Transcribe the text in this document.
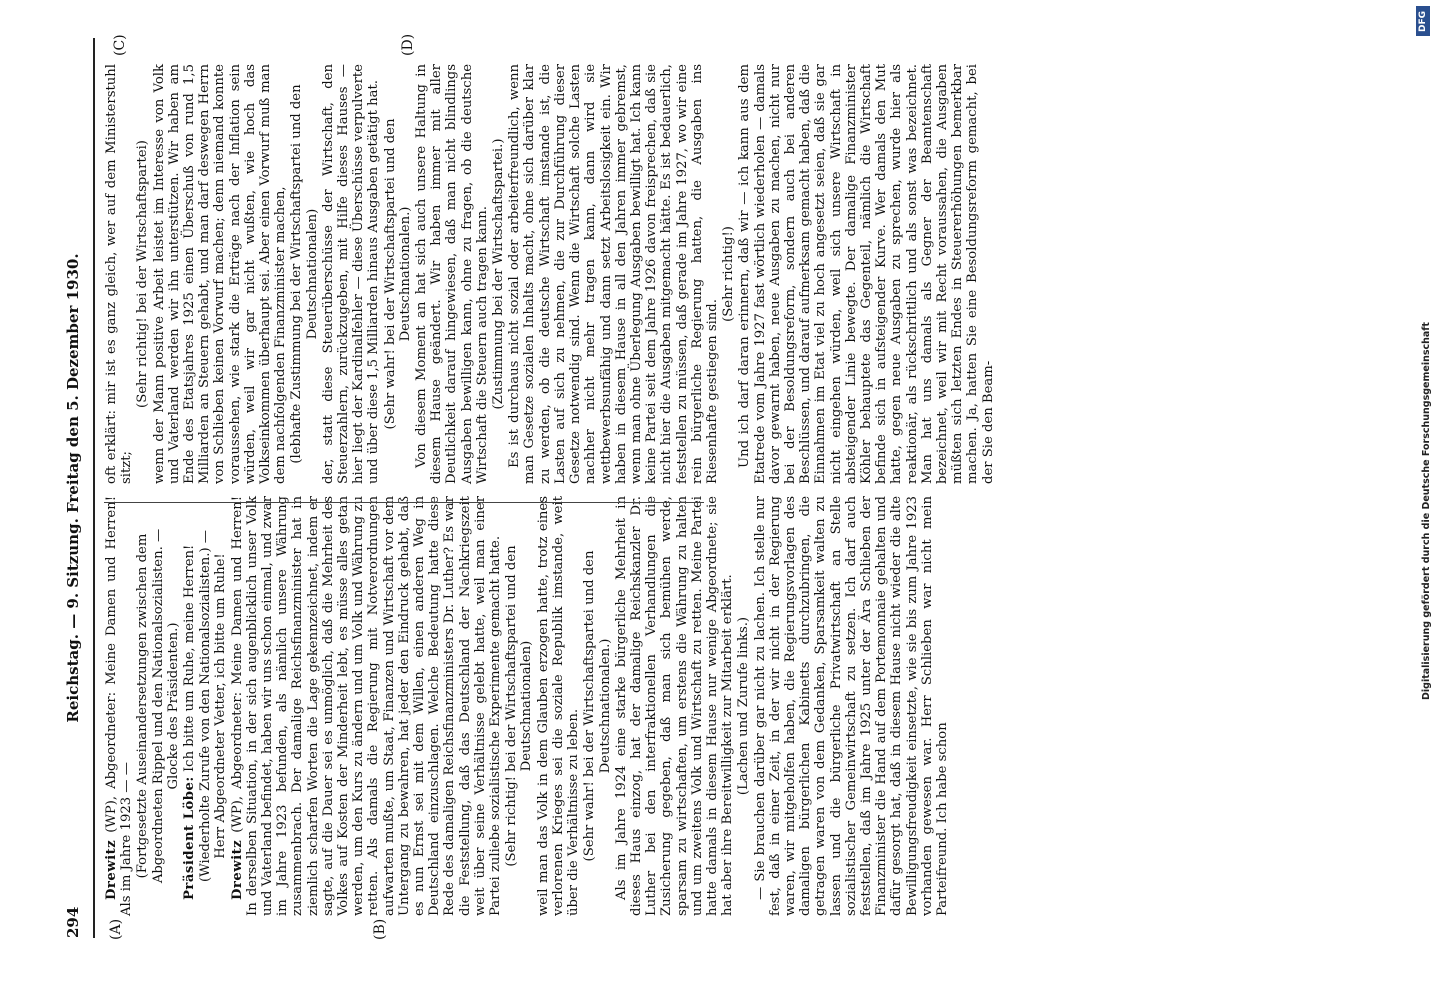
294
Reichstag. — 9. Sitzung. Freitag den 5. Dezember 1930.
(A)	(B)
(C)	(D)

Drewitz (WP), Abgeordneter: Meine Damen und Herren! Als im Jahre 1923 — — (Fortgesetzte Auseinandersetzungen zwischen dem Abgeordneten Rippel und den Nationalsozialisten. — Glocke des Präsidenten.)

Präsident Löbe: Ich bitte um Ruhe, meine Herren! (Wiederholte Zurufe von den Nationalsozialisten.) — Herr Abgeordneter Vetter, ich bitte um Ruhe!

Drewitz (WP), Abgeordneter: Meine Damen und Herren! In derselben Situation, in der sich augenblicklich unser Volk und Vaterland befindet, haben wir uns schon einmal, und zwar im Jahre 1923 befunden, als nämlich unsere Währung zusammenbrach. Der damalige Reichsfinanzminister hat in ziemlich scharfen Worten die Lage gekennzeichnet, indem er sagte, auf die Dauer sei es unmöglich, daß die Mehrheit des Volkes auf Kosten der Minderheit lebt, es müsse alles getan werden, um den Kurs zu ändern und um Volk und Währung zu retten. Als damals die Regierung mit Notverordnungen aufwarten mußte, um Staat, Finanzen und Wirtschaft vor dem Untergang zu bewahren, hat jeder den Eindruck gehabt, daß es nun Ernst sei mit dem Willen, einen anderen Weg in Deutschland einzuschlagen. Welche Bedeutung hatte diese Rede des damaligen Reichsfinanzministers Dr. Luther? Es war die Feststellung, daß das Deutschland der Nachkriegszeit weit über seine Verhältnisse gelebt hatte, weil man einer Partei zuliebe sozialistische Experimente gemacht hatte. (Sehr richtig! bei der Wirtschaftspartei und den Deutschnationalen) weil man das Volk in dem Glauben erzogen hatte, trotz eines verlorenen Krieges sei die soziale Republik imstande, weit über die Verhältnisse zu leben. (Sehr wahr! bei der Wirtschaftspartei und den Deutschnationalen.) Als im Jahre 1924 eine starke bürgerliche Mehrheit in dieses Haus einzog, hat der damalige Reichskanzler Dr. Luther bei den interfraktionellen Verhandlungen die Zusicherung gegeben, daß man sich bemühen werde, sparsam zu wirtschaften, um erstens die Währung zu halten und um zweitens Volk und Wirtschaft zu retten. Meine Partei hatte damals in diesem Hause nur wenige Abgeordnete; sie hat aber ihre Bereitwilligkeit zur Mitarbeit erklärt. (Lachen und Zurufe links.) — Sie brauchen darüber gar nicht zu lachen. Ich stelle nur fest, daß in einer Zeit, in der wir nicht in der Regierung waren, wir mitgeholfen haben, die Regierungsvorlagen des damaligen bürgerlichen Kabinetts durchzubringen, die getragen waren von dem Gedanken, Sparsamkeit walten zu lassen und die bürgerliche Privatwirtschaft an Stelle sozialistischer Gemeinwirtschaft zu setzen. Ich darf auch feststellen, daß im Jahre 1925 unter der Ära Schlieben der Finanzminister die Hand auf dem Portemonnaie gehalten und dafür gesorgt hat, daß in diesem Hause nicht wieder die alte Bewilligungsfreudigkeit einsetzte, wie sie bis zum Jahre 1923 vorhanden gewesen war. Herr Schlieben war nicht mein Parteifreund. Ich habe schon

oft erklärt: mir ist es ganz gleich, wer auf dem Ministerstuhl sitzt;

(Sehr richtig! bei der Wirtschaftspartei) wenn der Mann positive Arbeit leistet im Interesse von Volk und Vaterland werden wir ihn unterstützen. Wir haben am Ende des Etatsjahres 1925 einen Überschuß von rund 1,5 Milliarden an Steuern gehabt, und man darf deswegen Herrn von Schlieben keinen Vorwurf machen; denn niemand konnte voraussehen, wie stark die Erträge nach der Inflation sein würden, weil wir gar nicht wußten, wie hoch das Volkseinkommen überhaupt sei. Aber einen Vorwurf muß man dem nachfolgenden Finanzminister machen, (lebhafte Zustimmung bei der Wirtschaftspartei und den Deutschnationalen) der, statt diese Steuerüberschüsse der Wirtschaft, den Steuerzahlern, zurückzugeben, mit Hilfe dieses Hauses — hier liegt der Kardinalfehler — diese Überschüsse verpulverte und über diese 1,5 Milliarden hinaus Ausgaben getätigt hat. (Sehr wahr! bei der Wirtschaftspartei und den Deutschnationalen.) Von diesem Moment an hat sich auch unsere Haltung in diesem Hause geändert. Wir haben immer mit aller Deutlichkeit darauf hingewiesen, daß man nicht blindlings Ausgaben bewilligen kann, ohne zu fragen, ob die deutsche Wirtschaft die Steuern auch tragen kann. (Zustimmung bei der Wirtschaftspartei.) Es ist durchaus nicht sozial oder arbeiterfreundlich, wenn man Gesetze sozialen Inhalts macht, ohne sich darüber klar zu werden, ob die deutsche Wirtschaft imstande ist, die Lasten auf sich zu nehmen, die zur Durchführung dieser Gesetze notwendig sind. Wenn die Wirtschaft solche Lasten nachher nicht mehr tragen kann, dann wird sie wettbewerbsunfähig und dann setzt Arbeitslosigkeit ein. Wir haben in diesem Hause in all den Jahren immer gebremst, wenn man ohne Überlegung Ausgaben bewilligt hat. Ich kann keine Partei seit dem Jahre 1926 davon freisprechen, daß sie nicht hier die Ausgaben mitgemacht hätte. Es ist bedauerlich, feststellen zu müssen, daß gerade im Jahre 1927, wo wir eine rein bürgerliche Regierung hatten, die Ausgaben ins Riesenhafte gestiegen sind.

(Sehr richtig!) Und ich darf daran erinnern, daß wir — ich kann aus dem Etatrede vom Jahre 1927 fast wörtlich wiederholen — damals davor gewarnt haben, neue Ausgaben zu machen, nicht nur bei der Besoldungsreform, sondern auch bei anderen Beschlüssen, und darauf aufmerksam gemacht haben, daß die Einnahmen im Etat viel zu hoch angesetzt seien, daß sie gar nicht eingehen würden, weil sich unsere Wirtschaft in absteigender Linie bewegte. Der damalige Finanzminister Köhler behauptete das Gegenteil, nämlich die Wirtschaft befinde sich in aufsteigender Kurve. Wer damals den Mut hatte, gegen neue Ausgaben zu sprechen, wurde hier als reaktionär, als rückschrittlich und als sonst was bezeichnet. Man hat uns damals als Gegner der Beamtenschaft bezeichnet, weil wir mit Recht voraussahen, die Ausgaben müßten sich letzten Endes in Steuererhöhungen bemerkbar machen. Ja, hatten Sie eine Besoldungsreform gemacht, bei der Sie den Beam-

DFG
Digitalisierung gefördert durch die Deutsche Forschungsgemeinschaft
